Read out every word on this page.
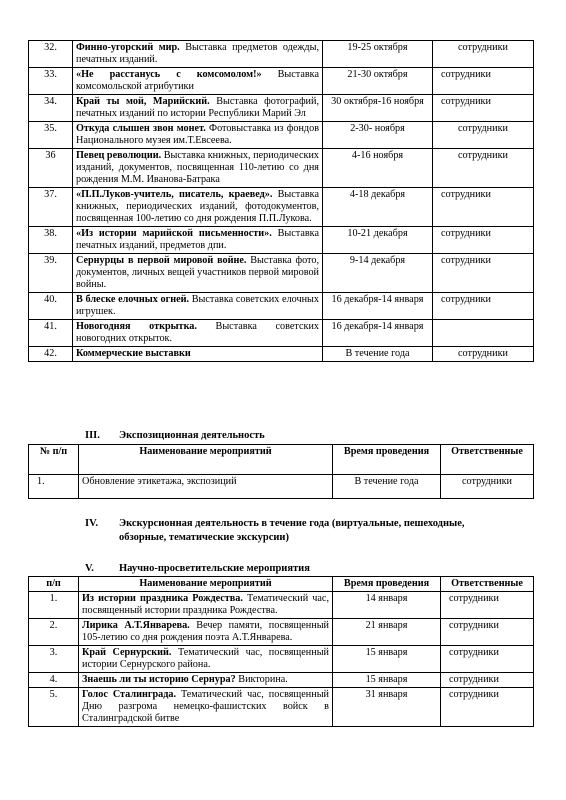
32.	Финно-угорский мир. Выставка предметов одежды, печатных изданий.	19-25 октября	сотрудники
33.	«Не расстанусь с комсомолом!» Выставка комсомольской атрибутики	21-30 октября	сотрудники
34.	Край ты мой, Марийский. Выставка фотографий, печатных изданий по истории Республики Марий Эл	30 октября-16 ноября	сотрудники
35.	Откуда слышен звон монет. Фотовыставка из фондов Национального музея им.Т.Евсеева.	2-30- ноября	сотрудники
36	Певец революции. Выставка книжных, периодических изданий, документов, посвященная 110-летию со дня рождения М.М. Иванова-Батрака	4-16 ноября	сотрудники
37.	«П.П.Луков-учитель, писатель, краевед». Выставка книжных, периодических изданий, фотодокументов, посвященная 100-летию со дня рождения П.П.Лукова.	4-18 декабря	сотрудники
38.	«Из истории марийской письменности». Выставка печатных изданий, предметов дпи.	10-21 декабря	сотрудники
39.	Сернурцы в первой мировой войне. Выставка фото, документов, личных вещей участников первой мировой войны.	9-14 декабря	сотрудники
40.	В блеске елочных огней. Выставка советских елочных игрушек.	16 декабря-14 января	сотрудники
41.	Новогодняя открытка. Выставка советских новогодних открыток.	16 декабря-14 января	
42.	Коммерческие выставки	В течение года	сотрудники
III. Экспозиционная деятельность
№ п/п	Наименование мероприятий	Время проведения	Ответственные
1.	Обновление этикетажа, экспозиций	В течение года	сотрудники
IV. Экскурсионная деятельность в течение года (виртуальные, пешеходные,
обзорные, тематические экскурсии)
V. Научно-просветительские мероприятия
п/п	Наименование мероприятий	Время проведения	Ответственные
1.	Из истории праздника Рождества. Тематический час, посвященный истории праздника Рождества.	14 января	сотрудники
2.	Лирика А.Т.Январева. Вечер памяти, посвященный 105-летию со дня рождения поэта А.Т.Январева.	21 января	сотрудники
3.	Край Сернурский. Тематический час, посвященный истории Сернурского района.	15 января	сотрудники
4.	Знаешь ли ты историю Сернура? Викторина.	15 января	сотрудники
5.	Голос Сталинграда. Тематический час, посвященный Дню разгрома немецко-фашистских войск в Сталинградской битве	31 января	сотрудники
